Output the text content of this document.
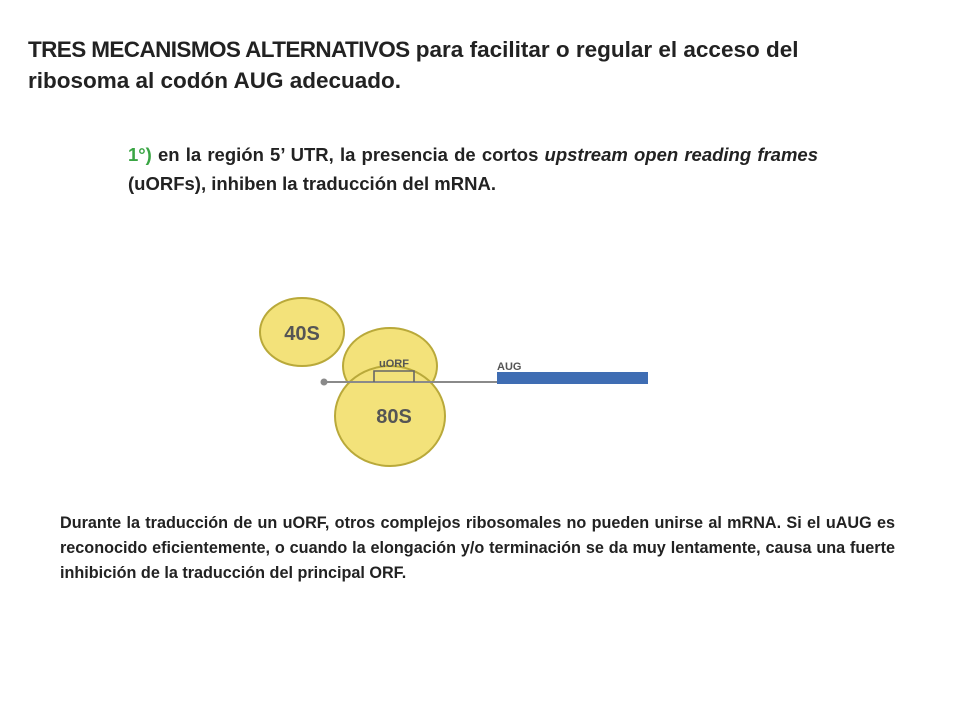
TRES MECANISMOS ALTERNATIVOS para facilitar o regular el acceso del ribosoma al codón AUG adecuado.
1°) en la región 5’ UTR, la presencia de cortos upstream open reading frames (uORFs), inhiben la traducción del mRNA.
40S
uORF
80S
AUG
Durante la traducción de un uORF, otros complejos ribosomales no pueden unirse al mRNA. Si el uAUG es reconocido eficientemente, o cuando la elongación y/o terminación se da muy lentamente, causa una fuerte inhibición de la traducción del principal ORF.
